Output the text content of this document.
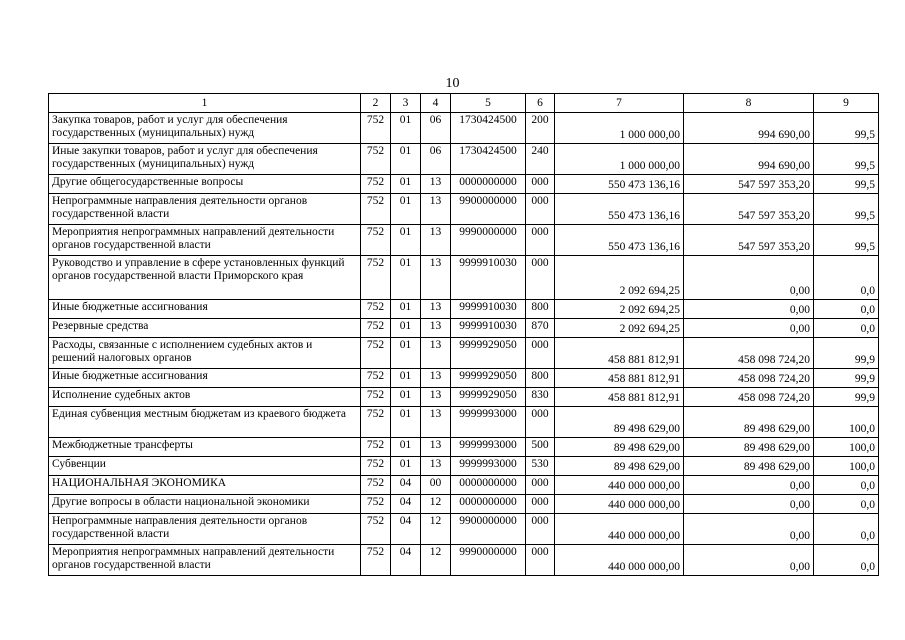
10
1	2	3	4	5	6	7	8	9
Закупка товаров, работ и услуг для обеспечения государственных (муниципальных) нужд	752	01	06	1730424500	200	1 000 000,00	994 690,00	99,5
Иные закупки товаров, работ и услуг для обеспечения государственных (муниципальных) нужд	752	01	06	1730424500	240	1 000 000,00	994 690,00	99,5
Другие общегосударственные вопросы	752	01	13	0000000000	000	550 473 136,16	547 597 353,20	99,5
Непрограммные направления деятельности органов государственной власти	752	01	13	9900000000	000	550 473 136,16	547 597 353,20	99,5
Мероприятия непрограммных направлений деятельности органов государственной власти	752	01	13	9990000000	000	550 473 136,16	547 597 353,20	99,5
Руководство и управление в сфере установленных функций органов государственной власти Приморского края	752	01	13	9999910030	000	2 092 694,25	0,00	0,0
Иные бюджетные ассигнования	752	01	13	9999910030	800	2 092 694,25	0,00	0,0
Резервные средства	752	01	13	9999910030	870	2 092 694,25	0,00	0,0
Расходы, связанные с исполнением судебных актов и решений налоговых органов	752	01	13	9999929050	000	458 881 812,91	458 098 724,20	99,9
Иные бюджетные ассигнования	752	01	13	9999929050	800	458 881 812,91	458 098 724,20	99,9
Исполнение судебных актов	752	01	13	9999929050	830	458 881 812,91	458 098 724,20	99,9
Единая субвенция местным бюджетам из краевого бюджета	752	01	13	9999993000	000	89 498 629,00	89 498 629,00	100,0
Межбюджетные трансферты	752	01	13	9999993000	500	89 498 629,00	89 498 629,00	100,0
Субвенции	752	01	13	9999993000	530	89 498 629,00	89 498 629,00	100,0
НАЦИОНАЛЬНАЯ ЭКОНОМИКА	752	04	00	0000000000	000	440 000 000,00	0,00	0,0
Другие вопросы в области национальной экономики	752	04	12	0000000000	000	440 000 000,00	0,00	0,0
Непрограммные направления деятельности органов государственной власти	752	04	12	9900000000	000	440 000 000,00	0,00	0,0
Мероприятия непрограммных направлений деятельности органов государственной власти	752	04	12	9990000000	000	440 000 000,00	0,00	0,0
